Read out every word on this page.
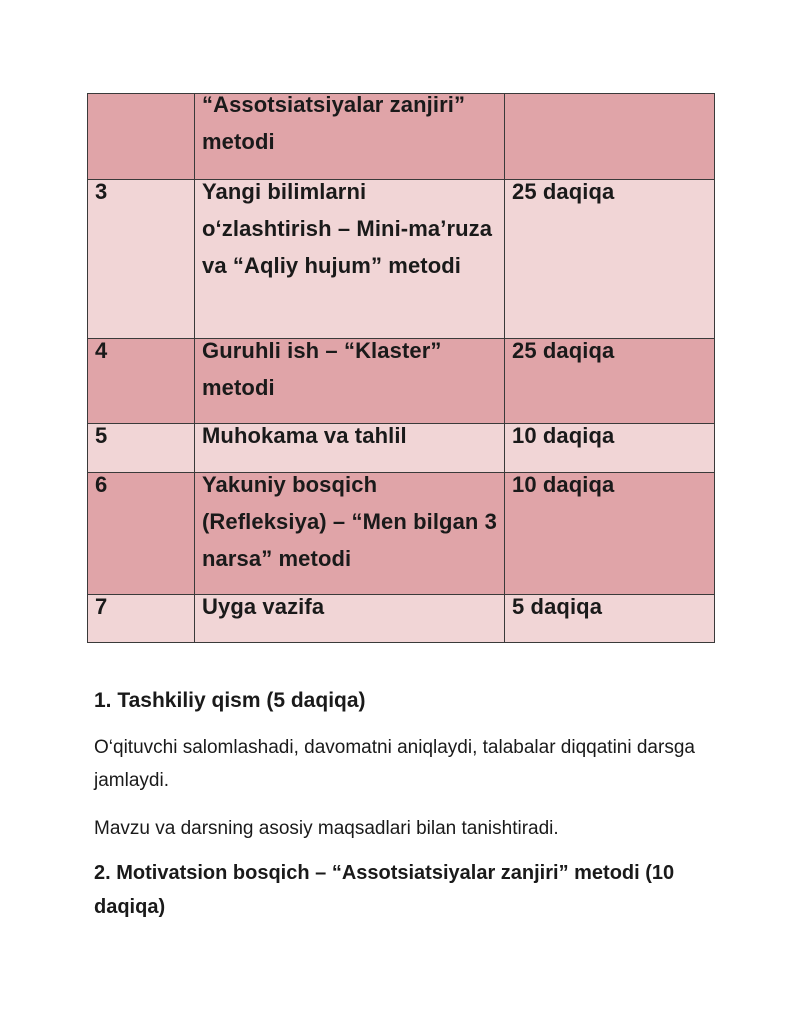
	“Assotsiatsiyalar zanjiri” metodi	

3	Yangi bilimlarni o‘zlashtirish – Mini-ma’ruza va “Aqliy hujum” metodi	25 daqiqa

4	Guruhli ish – “Klaster” metodi	25 daqiqa

5	Muhokama va tahlil	10 daqiqa

6	Yakuniy bosqich (Refleksiya) – “Men bilgan 3 narsa” metodi	10 daqiqa

7	Uyga vazifa	5 daqiqa
1. Tashkiliy qism (5 daqiqa)

O‘qituvchi salomlashadi, davomatni aniqlaydi, talabalar diqqatini darsga jamlaydi.

Mavzu va darsning asosiy maqsadlari bilan tanishtiradi.

2. Motivatsion bosqich – “Assotsiatsiyalar zanjiri” metodi (10 daqiqa)
